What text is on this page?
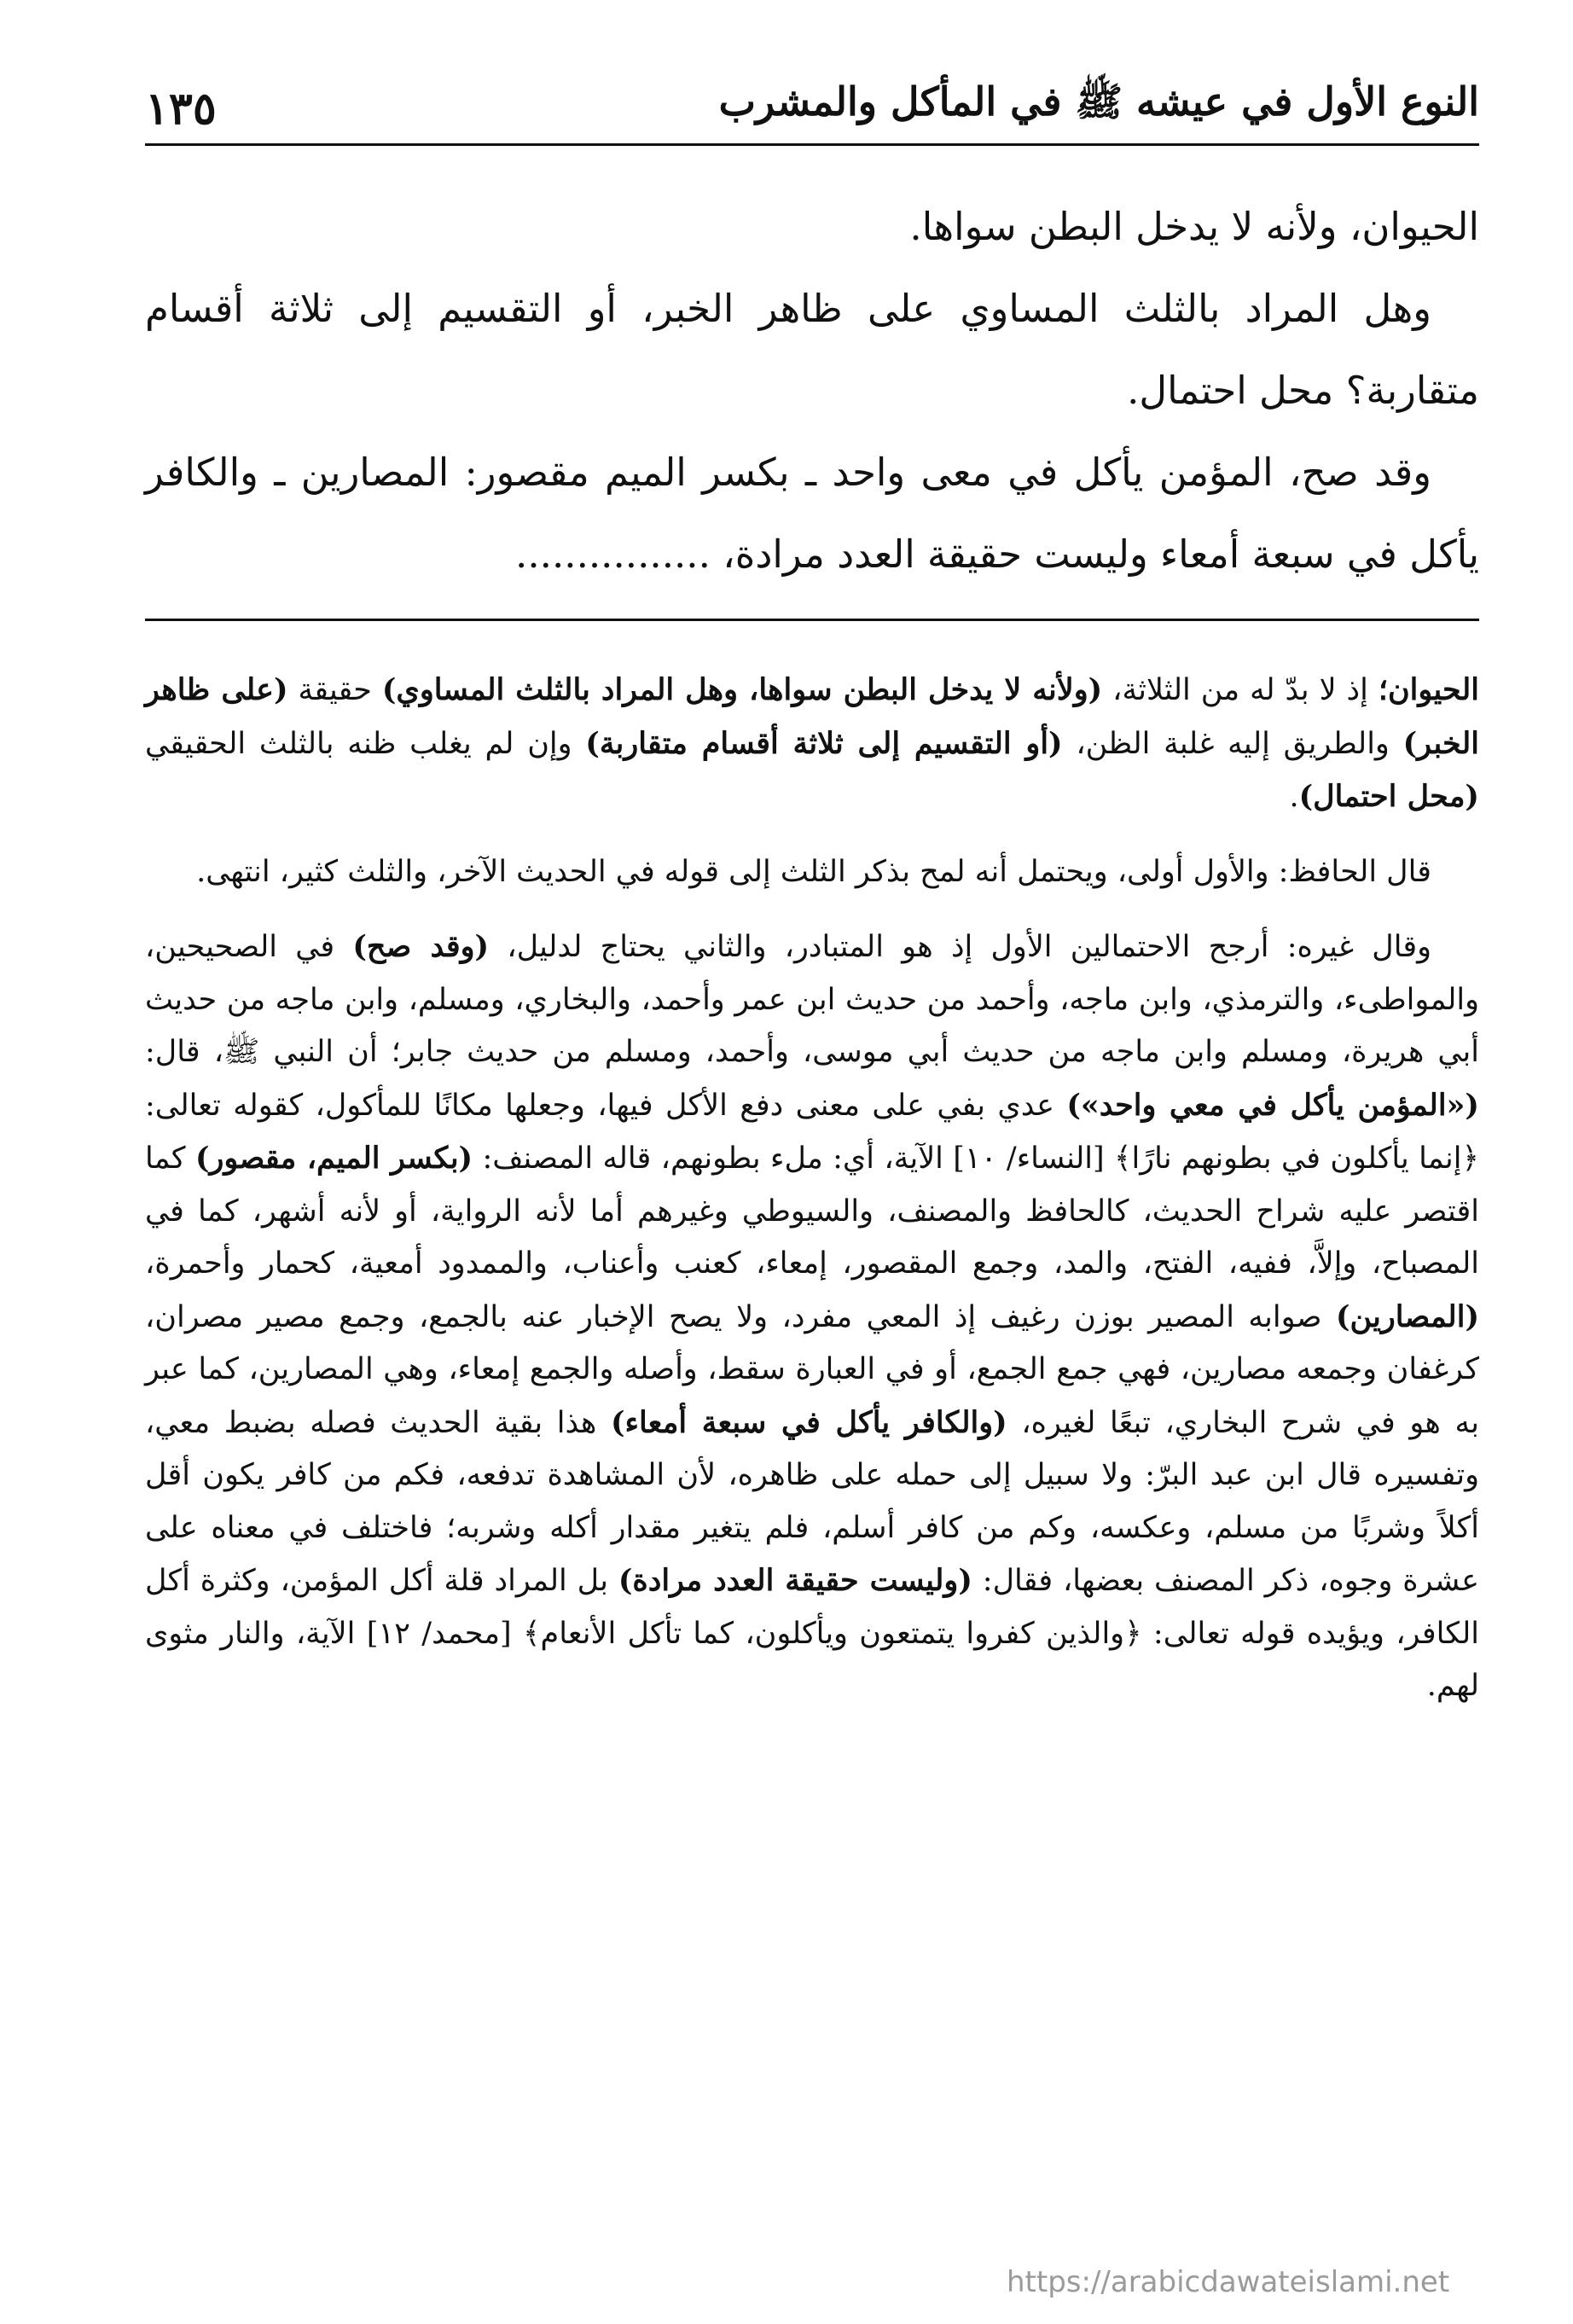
النوع الأول في عيشه ﷺ في المأكل والمشرب
١٣٥

الحيوان، ولأنه لا يدخل البطن سواها.

وهل المراد بالثلث المساوي على ظاهر الخبر، أو التقسيم إلى ثلاثة أقسام متقاربة؟ محل احتمال.

وقد صح، المؤمن يأكل في معى واحد ـ بكسر الميم مقصور: المصارين ـ والكافر يأكل في سبعة أمعاء وليست حقيقة العدد مرادة، ................

الحيوان؛ إذ لا بدّ له من الثلاثة، (ولأنه لا يدخل البطن سواها، وهل المراد بالثلث المساوي) حقيقة (على ظاهر الخبر) والطريق إليه غلبة الظن، (أو التقسيم إلى ثلاثة أقسام متقاربة) وإن لم يغلب ظنه بالثلث الحقيقي (محل احتمال).

قال الحافظ: والأول أولى، ويحتمل أنه لمح بذكر الثلث إلى قوله في الحديث الآخر، والثلث كثير، انتهى.

وقال غيره: أرجح الاحتمالين الأول إذ هو المتبادر، والثاني يحتاج لدليل، (وقد صح) في الصحيحين، والمواطىء، والترمذي، وابن ماجه، وأحمد من حديث ابن عمر وأحمد، والبخاري، ومسلم، وابن ماجه من حديث أبي هريرة، ومسلم وابن ماجه من حديث أبي موسى، وأحمد، ومسلم من حديث جابر؛ أن النبي ﷺ، قال: («المؤمن يأكل في معي واحد») عدي بفي على معنى دفع الأكل فيها، وجعلها مكانًا للمأكول، كقوله تعالى: ﴿إنما يأكلون في بطونهم نارًا﴾ [النساء/ ١٠] الآية، أي: ملء بطونهم، قاله المصنف: (بكسر الميم، مقصور) كما اقتصر عليه شراح الحديث، كالحافظ والمصنف، والسيوطي وغيرهم أما لأنه الرواية، أو لأنه أشهر، كما في المصباح، وإلاَّ، ففيه، الفتح، والمد، وجمع المقصور، إمعاء، كعنب وأعناب، والممدود أمعية، كحمار وأحمرة، (المصارين) صوابه المصير بوزن رغيف إذ المعي مفرد، ولا يصح الإخبار عنه بالجمع، وجمع مصير مصران، كرغفان وجمعه مصارين، فهي جمع الجمع، أو في العبارة سقط، وأصله والجمع إمعاء، وهي المصارين، كما عبر به هو في شرح البخاري، تبعًا لغيره، (والكافر يأكل في سبعة أمعاء) هذا بقية الحديث فصله بضبط معي، وتفسيره قال ابن عبد البرّ: ولا سبيل إلى حمله على ظاهره، لأن المشاهدة تدفعه، فكم من كافر يكون أقل أكلاً وشربًا من مسلم، وعكسه، وكم من كافر أسلم، فلم يتغير مقدار أكله وشربه؛ فاختلف في معناه على عشرة وجوه، ذكر المصنف بعضها، فقال: (وليست حقيقة العدد مرادة) بل المراد قلة أكل المؤمن، وكثرة أكل الكافر، ويؤيده قوله تعالى: ﴿والذين كفروا يتمتعون ويأكلون، كما تأكل الأنعام﴾ [محمد/ ١٢] الآية، والنار مثوى لهم.

https://arabicdawateislami.net
